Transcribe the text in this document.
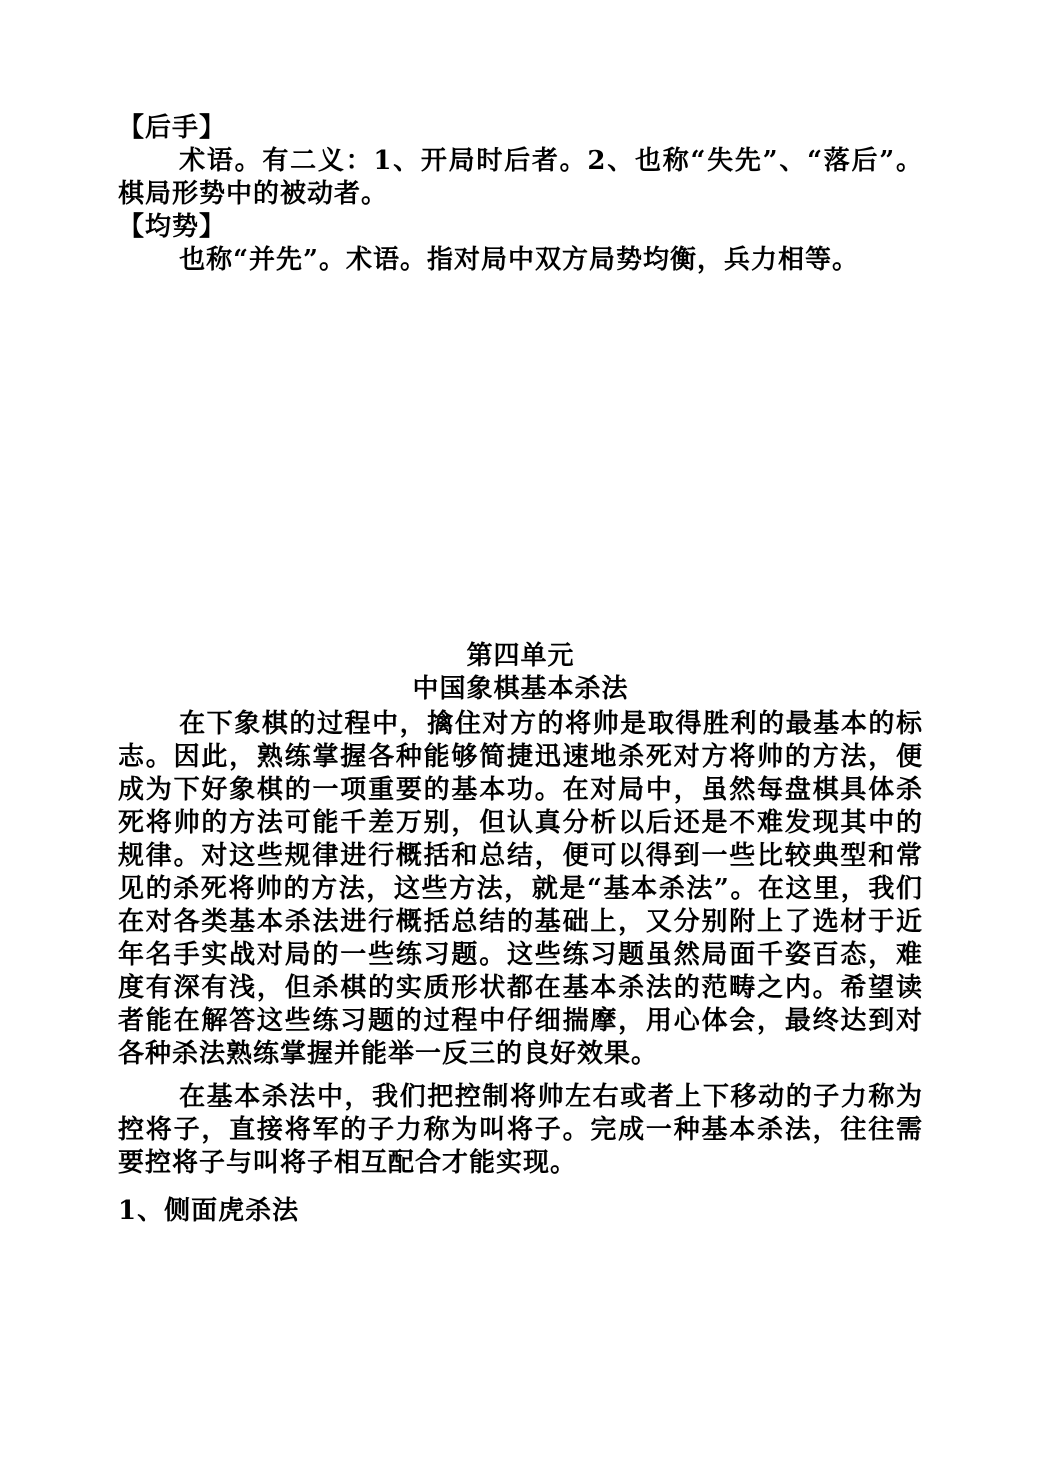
【后手】

术语。有二义：1、开局时后者。2、也称“失先”、“落后”。棋局形势中的被动者。

【均势】

也称“并先”。术语。指对局中双方局势均衡，兵力相等。

第四单元

中国象棋基本杀法

在下象棋的过程中，擒住对方的将帅是取得胜利的最基本的标志。因此，熟练掌握各种能够简捷迅速地杀死对方将帅的方法，便成为下好象棋的一项重要的基本功。在对局中，虽然每盘棋具体杀死将帅的方法可能千差万别，但认真分析以后还是不难发现其中的规律。对这些规律进行概括和总结，便可以得到一些比较典型和常见的杀死将帅的方法，这些方法，就是“基本杀法”。在这里，我们在对各类基本杀法进行概括总结的基础上，又分别附上了选材于近年名手实战对局的一些练习题。这些练习题虽然局面千姿百态，难度有深有浅，但杀棋的实质形状都在基本杀法的范畴之内。希望读者能在解答这些练习题的过程中仔细揣摩，用心体会，最终达到对各种杀法熟练掌握并能举一反三的良好效果。

在基本杀法中，我们把控制将帅左右或者上下移动的子力称为控将子，直接将军的子力称为叫将子。完成一种基本杀法，往往需要控将子与叫将子相互配合才能实现。

1、侧面虎杀法
